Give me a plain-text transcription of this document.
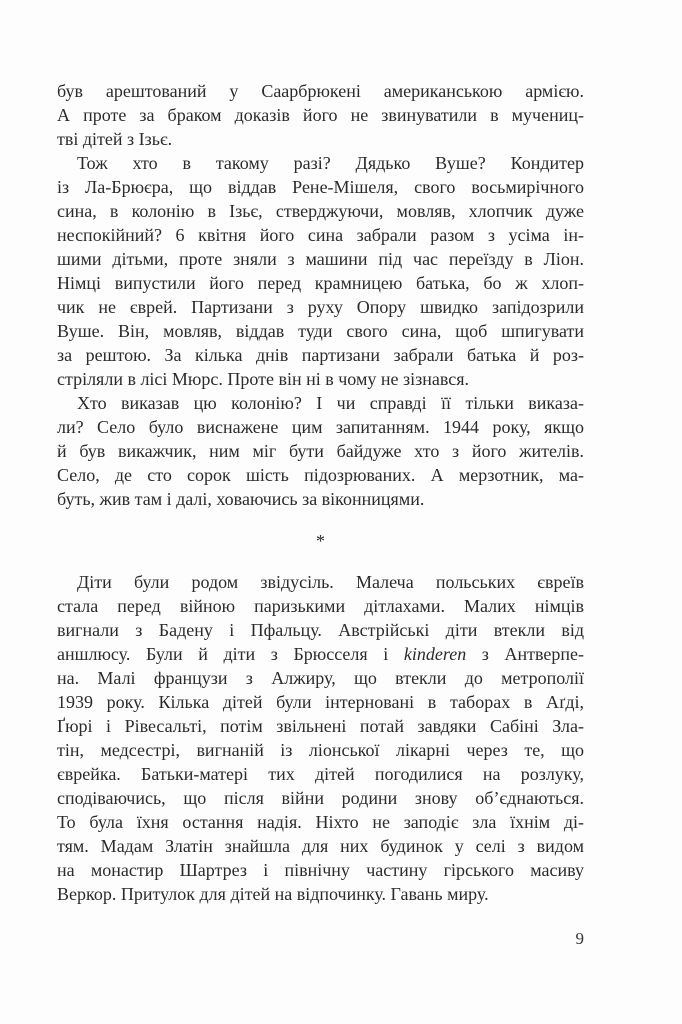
був арештований у Саарбрюкені американською армією.
А проте за браком доказів його не звинуватили в мучениц-
тві дітей з Ізьє.
Тож хто в такому разі? Дядько Вуше? Кондитер
із Ла-Брюєра, що віддав Рене-Мішеля, свого восьмирічного
сина, в колонію в Ізьє, стверджуючи, мовляв, хлопчик дуже
неспокійний? 6 квітня його сина забрали разом з усіма ін-
шими дітьми, проте зняли з машини під час переїзду в Ліон.
Німці випустили його перед крамницею батька, бо ж хлоп-
чик не єврей. Партизани з руху Опору швидко запідозрили
Вуше. Він, мовляв, віддав туди свого сина, щоб шпигувати
за рештою. За кілька днів партизани забрали батька й роз-
стріляли в лісі Мюрс. Проте він ні в чому не зізнався.
Хто виказав цю колонію? І чи справді її тільки виказа-
ли? Село було виснажене цим запитанням. 1944 року, якщо
й був викажчик, ним міг бути байдуже хто з його жителів.
Село, де сто сорок шість підозрюваних. А мерзотник, ма-
буть, жив там і далі, ховаючись за віконницями.
*
Діти були родом звідусіль. Малеча польських євреїв
стала перед війною паризькими дітлахами. Малих німців
вигнали з Бадену і Пфальцу. Австрійські діти втекли від
аншлюсу. Були й діти з Брюсселя і kinderen з Антверпе-
на. Малі французи з Алжиру, що втекли до метрополії
1939 року. Кілька дітей були інтерновані в таборах в Аґді,
Ґюрі і Рівесальті, потім звільнені потай завдяки Сабіні Зла-
тін, медсестрі, вигнаній із ліонської лікарні через те, що
єврейка. Батьки-матері тих дітей погодилися на розлуку,
сподіваючись, що після війни родини знову об’єднаються.
То була їхня остання надія. Ніхто не заподіє зла їхнім ді-
тям. Мадам Златін знайшла для них будинок у селі з видом
на монастир Шартрез і північну частину гірського масиву
Веркор. Притулок для дітей на відпочинку. Гавань миру.
9
